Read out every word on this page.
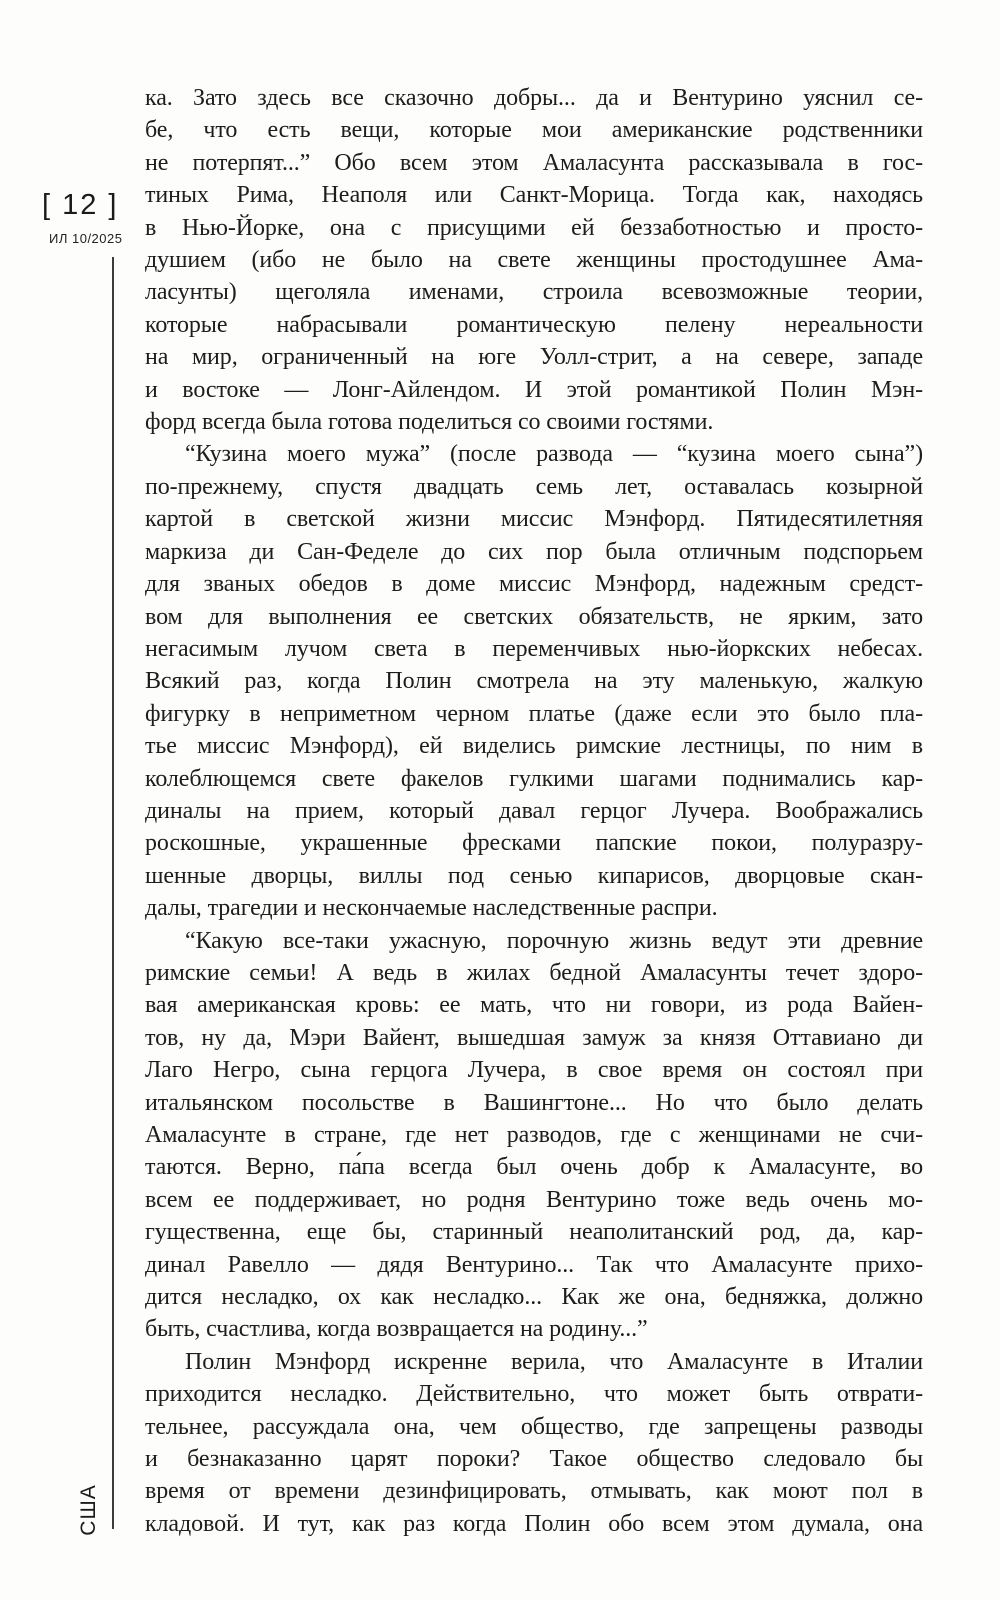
[ 12 ]
ИЛ 10/2025
США
ка. Зато здесь все сказочно добры... да и Вентурино уяснил се-
бе, что есть вещи, которые мои американские родственники
не потерпят...” Обо всем этом Амаласунта рассказывала в гос-
тиных Рима, Неаполя или Санкт-Морица. Тогда как, находясь
в Нью-Йорке, она с присущими ей беззаботностью и просто-
душием (ибо не было на свете женщины простодушнее Ама-
ласунты) щеголяла именами, строила всевозможные теории,
которые набрасывали романтическую пелену нереальности
на мир, ограниченный на юге Уолл-стрит, а на севере, западе
и востоке — Лонг-Айлендом. И этой романтикой Полин Мэн-
форд всегда была готова поделиться со своими гостями.
“Кузина моего мужа” (после развода — “кузина моего сына”)
по-прежнему, спустя двадцать семь лет, оставалась козырной
картой в светской жизни миссис Мэнфорд. Пятидесятилетняя
маркиза ди Сан-Феделе до сих пор была отличным подспорьем
для званых обедов в доме миссис Мэнфорд, надежным средст-
вом для выполнения ее светских обязательств, не ярким, зато
негасимым лучом света в переменчивых нью-йоркских небесах.
Всякий раз, когда Полин смотрела на эту маленькую, жалкую
фигурку в неприметном черном платье (даже если это было пла-
тье миссис Мэнфорд), ей виделись римские лестницы, по ним в
колеблющемся свете факелов гулкими шагами поднимались кар-
диналы на прием, который давал герцог Лучера. Воображались
роскошные, украшенные фресками папские покои, полуразру-
шенные дворцы, виллы под сенью кипарисов, дворцовые скан-
далы, трагедии и нескончаемые наследственные распри.
“Какую все-таки ужасную, порочную жизнь ведут эти древние
римские семьи! А ведь в жилах бедной Амаласунты течет здоро-
вая американская кровь: ее мать, что ни говори, из рода Вайен-
тов, ну да, Мэри Вайент, вышедшая замуж за князя Оттавиано ди
Лаго Негро, сына герцога Лучера, в свое время он состоял при
итальянском посольстве в Вашингтоне... Но что было делать
Амаласунте в стране, где нет разводов, где с женщинами не счи-
таются. Верно, па́па всегда был очень добр к Амаласунте, во
всем ее поддерживает, но родня Вентурино тоже ведь очень мо-
гущественна, еще бы, старинный неаполитанский род, да, кар-
динал Равелло — дядя Вентурино... Так что Амаласунте прихо-
дится несладко, ох как несладко... Как же она, бедняжка, должно
быть, счастлива, когда возвращается на родину...”
Полин Мэнфорд искренне верила, что Амаласунте в Италии
приходится несладко. Действительно, что может быть отврати-
тельнее, рассуждала она, чем общество, где запрещены разводы
и безнаказанно царят пороки? Такое общество следовало бы
время от времени дезинфицировать, отмывать, как моют пол в
кладовой. И тут, как раз когда Полин обо всем этом думала, она
